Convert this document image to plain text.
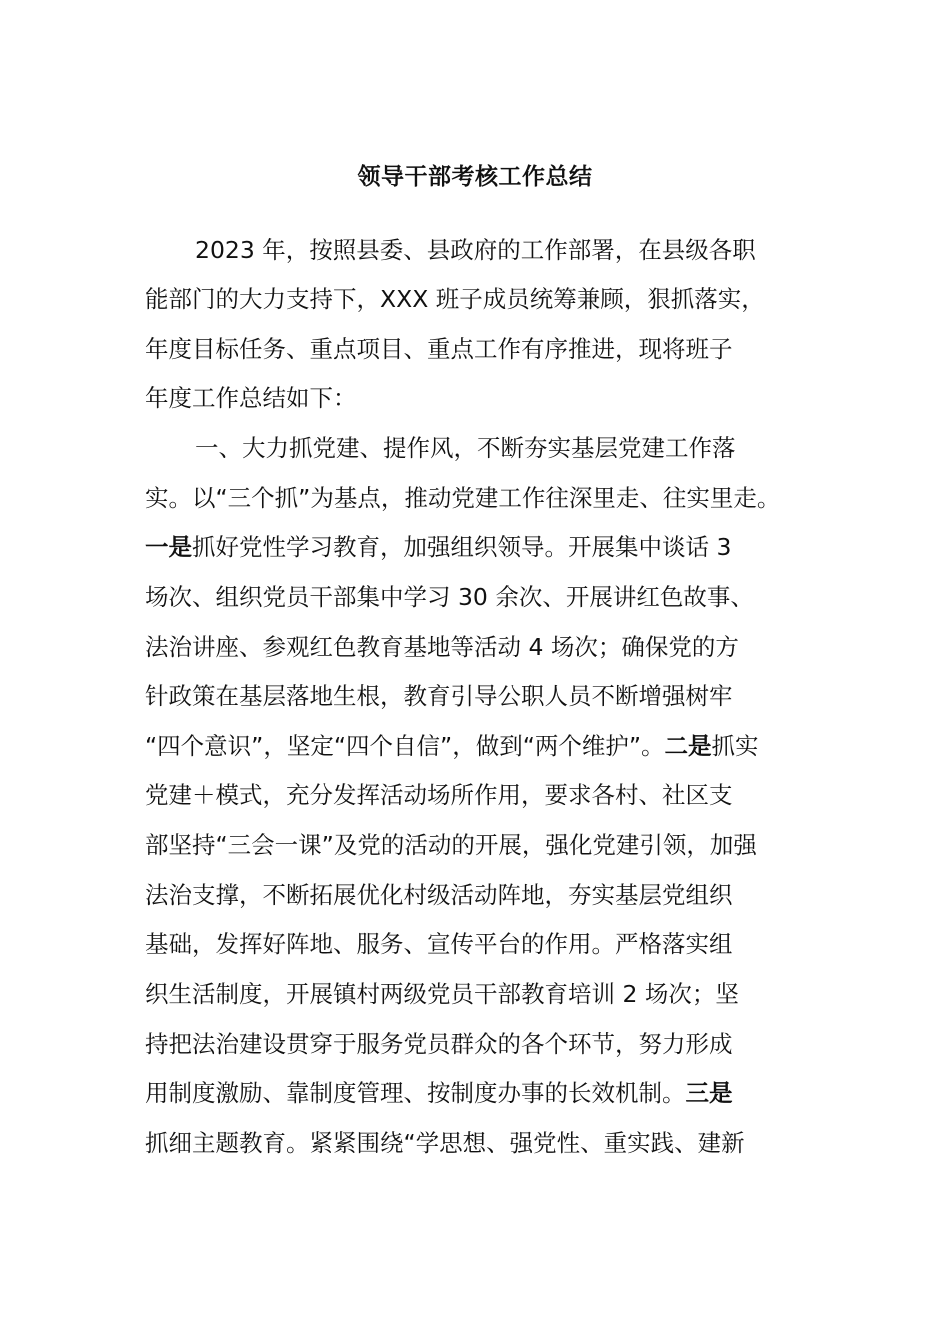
领导干部考核工作总结
2023 年，按照县委、县政府的工作部署，在县级各职
能部门的大力支持下，XXX 班子成员统筹兼顾，狠抓落实，
年度目标任务、重点项目、重点工作有序推进，现将班子
年度工作总结如下：
一、大力抓党建、提作风，不断夯实基层党建工作落
实。以“三个抓”为基点，推动党建工作往深里走、往实里走。
一是抓好党性学习教育，加强组织领导。开展集中谈话 3
场次、组织党员干部集中学习 30 余次、开展讲红色故事、
法治讲座、参观红色教育基地等活动 4 场次；确保党的方
针政策在基层落地生根，教育引导公职人员不断增强树牢
“四个意识”，坚定“四个自信”，做到“两个维护”。二是抓实
党建＋模式，充分发挥活动场所作用，要求各村、社区支
部坚持“三会一课”及党的活动的开展，强化党建引领，加强
法治支撑，不断拓展优化村级活动阵地，夯实基层党组织
基础，发挥好阵地、服务、宣传平台的作用。严格落实组
织生活制度，开展镇村两级党员干部教育培训 2 场次；坚
持把法治建设贯穿于服务党员群众的各个环节，努力形成
用制度激励、靠制度管理、按制度办事的长效机制。三是
抓细主题教育。紧紧围绕“学思想、强党性、重实践、建新
